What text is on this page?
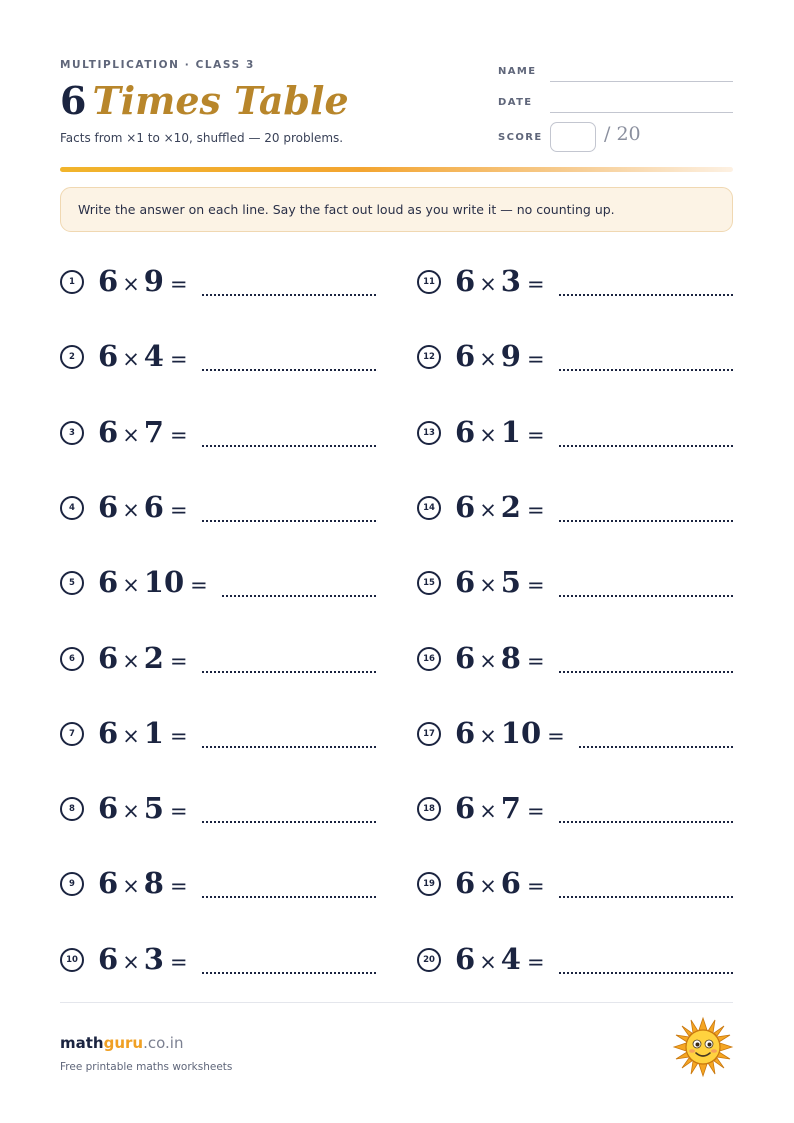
MULTIPLICATION · CLASS 3
6 Times Table
Facts from ×1 to ×10, shuffled — 20 problems.
NAME
DATE
SCORE	/ 20
Write the answer on each line. Say the fact out loud as you write it — no counting up.
1 6 × 9 =
2 6 × 4 =
3 6 × 7 =
4 6 × 6 =
5 6 × 10 =
6 6 × 2 =
7 6 × 1 =
8 6 × 5 =
9 6 × 8 =
10 6 × 3 =
11 6 × 3 =
12 6 × 9 =
13 6 × 1 =
14 6 × 2 =
15 6 × 5 =
16 6 × 8 =
17 6 × 10 =
18 6 × 7 =
19 6 × 6 =
20 6 × 4 =
mathguru.co.in
Free printable maths worksheets
